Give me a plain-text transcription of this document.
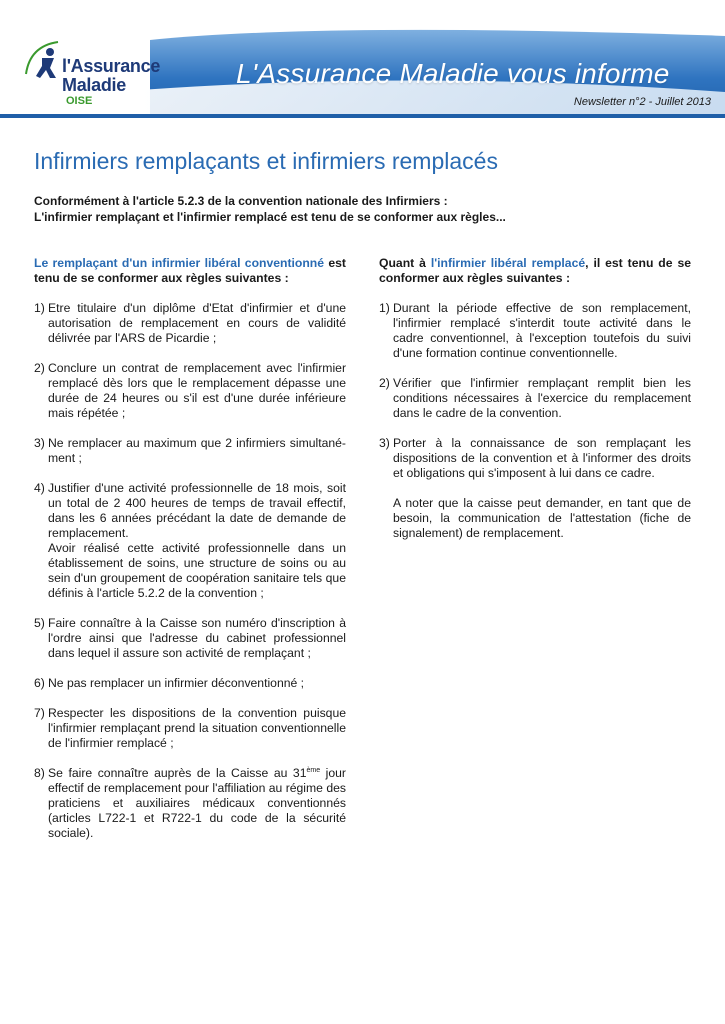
l'Assurance
Maladie
OISE
L'Assurance Maladie vous informe
Newsletter n°2 - Juillet 2013
Infirmiers remplaçants et infirmiers remplacés
Conformément à l'article 5.2.3 de la convention nationale des Infirmiers :
L'infirmier remplaçant et l'infirmier remplacé est tenu de se conformer aux règles...
Le remplaçant d'un infirmier libéral conventionné est tenu de se conformer aux règles suivantes :
1) Etre titulaire d'un diplôme d'Etat d'infirmier et d'une autorisation de remplacement en cours de validité délivrée par l'ARS de Picardie ;
2) Conclure un contrat de remplacement avec l'infirmier remplacé dès lors que le remplacement dépasse une durée de 24 heures ou s'il est d'une durée inférieure mais répétée ;
3) Ne remplacer au maximum que 2 infirmiers simultané-ment ;
4) Justifier d'une activité professionnelle de 18 mois, soit un total de 2 400 heures de temps de travail effectif, dans les 6 années précédant la date de demande de remplacement.
Avoir réalisé cette activité professionnelle dans un établissement de soins, une structure de soins ou au sein d'un groupement de coopération sanitaire tels que définis à l'article 5.2.2 de la convention ;
5) Faire connaître à la Caisse son numéro d'inscription à l'ordre ainsi que l'adresse du cabinet professionnel dans lequel il assure son activité de remplaçant ;
6) Ne pas remplacer un infirmier déconventionné ;
7) Respecter les dispositions de la convention puisque l'infirmier remplaçant prend la situation conventionnelle de l'infirmier remplacé ;
8) Se faire connaître auprès de la Caisse au 31ème jour effectif de remplacement pour l'affiliation au régime des praticiens et auxiliaires médicaux conventionnés (articles L722-1 et R722-1 du code de la sécurité sociale).
Quant à l'infirmier libéral remplacé, il est tenu de se conformer aux règles suivantes :
1) Durant la période effective de son remplacement, l'infirmier remplacé s'interdit toute activité dans le cadre conventionnel, à l'exception toutefois du suivi d'une formation continue conventionnelle.
2) Vérifier que l'infirmier remplaçant remplit bien les conditions nécessaires à l'exercice du remplacement dans le cadre de la convention.
3) Porter à la connaissance de son remplaçant les dispositions de la convention et à l'informer des droits et obligations qui s'imposent à lui dans ce cadre.
A noter que la caisse peut demander, en tant que de besoin, la communication de l'attestation (fiche de signalement) de remplacement.
